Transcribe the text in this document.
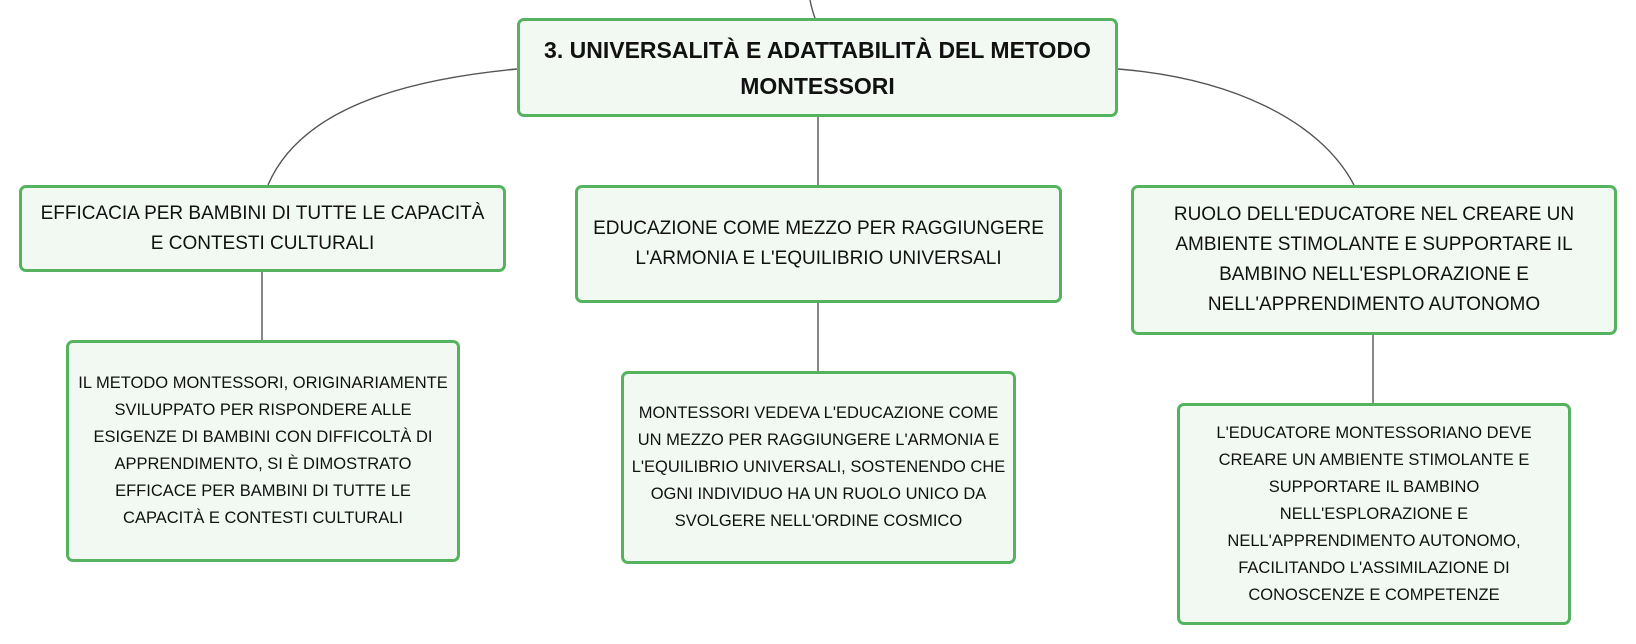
3. UNIVERSALITÀ E ADATTABILITÀ DEL METODO MONTESSORI
EFFICACIA PER BAMBINI DI TUTTE LE CAPACITÀ E CONTESTI CULTURALI
EDUCAZIONE COME MEZZO PER RAGGIUNGERE L'ARMONIA E L'EQUILIBRIO UNIVERSALI
RUOLO DELL'EDUCATORE NEL CREARE UN AMBIENTE STIMOLANTE E SUPPORTARE IL BAMBINO NELL'ESPLORAZIONE E NELL'APPRENDIMENTO AUTONOMO
IL METODO MONTESSORI, ORIGINARIAMENTE SVILUPPATO PER RISPONDERE ALLE ESIGENZE DI BAMBINI CON DIFFICOLTÀ DI APPRENDIMENTO, SI È DIMOSTRATO EFFICACE PER BAMBINI DI TUTTE LE CAPACITÀ E CONTESTI CULTURALI
MONTESSORI VEDEVA L'EDUCAZIONE COME UN MEZZO PER RAGGIUNGERE L'ARMONIA E L'EQUILIBRIO UNIVERSALI, SOSTENENDO CHE OGNI INDIVIDUO HA UN RUOLO UNICO DA SVOLGERE NELL'ORDINE COSMICO
L'EDUCATORE MONTESSORIANO DEVE CREARE UN AMBIENTE STIMOLANTE E SUPPORTARE IL BAMBINO NELL'ESPLORAZIONE E NELL'APPRENDIMENTO AUTONOMO, FACILITANDO L'ASSIMILAZIONE DI CONOSCENZE E COMPETENZE
